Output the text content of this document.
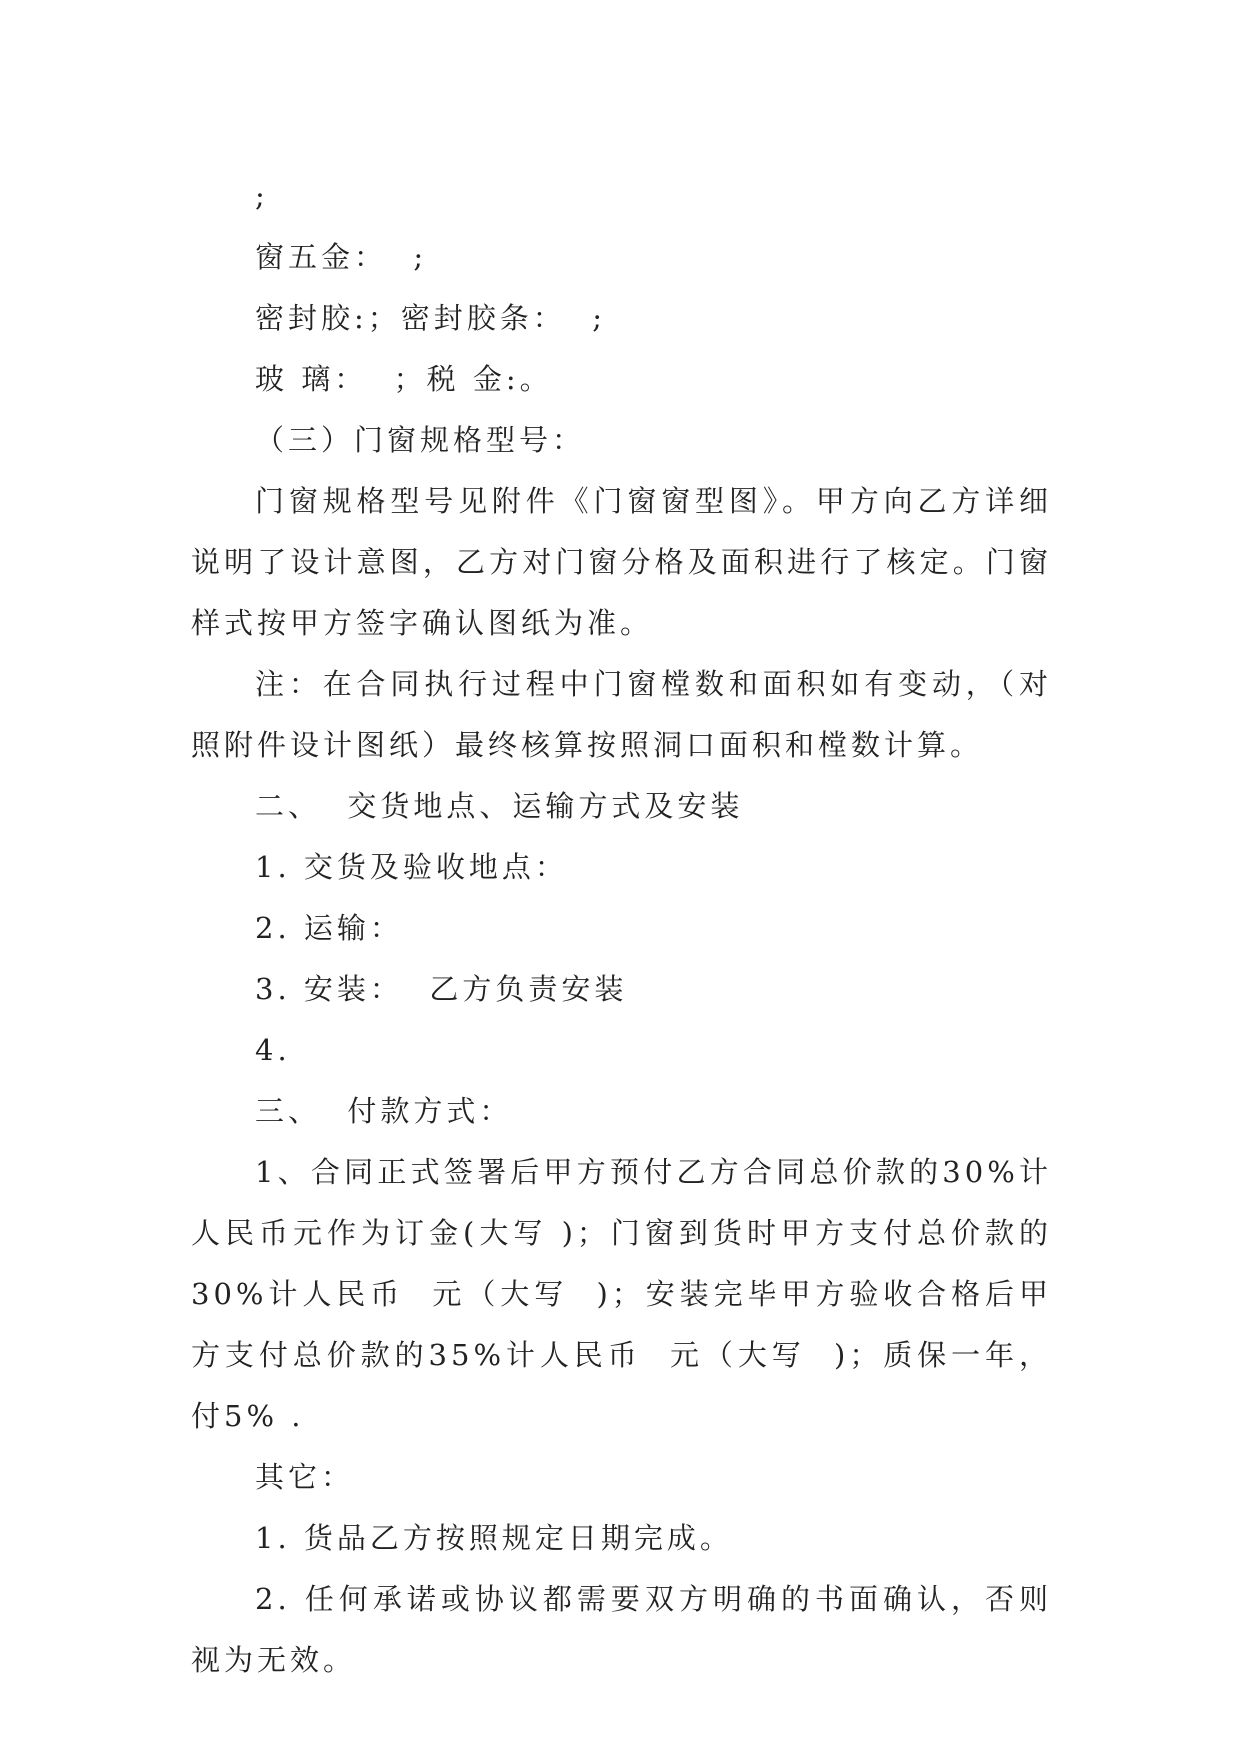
;

窗五金：  ;

密封胶:；密封胶条：  ;

玻 璃：  ；税 金:。

（三）门窗规格型号：

门窗规格型号见附件《门窗窗型图》。甲方向乙方详细说明了设计意图，乙方对门窗分格及面积进行了核定。门窗样式按甲方签字确认图纸为准。

注：在合同执行过程中门窗樘数和面积如有变动，（对照附件设计图纸）最终核算按照洞口面积和樘数计算。

二、  交货地点、运输方式及安装

1. 交货及验收地点：

2. 运输：

3. 安装：  乙方负责安装

4.

三、  付款方式：

1、合同正式签署后甲方预付乙方合同总价款的30%计人民币元作为订金(大写 )；门窗到货时甲方支付总价款的30%计人民币  元（大写  )；安装完毕甲方验收合格后甲方支付总价款的35%计人民币  元（大写  )；质保一年，付5% .

其它：

1. 货品乙方按照规定日期完成。

2. 任何承诺或协议都需要双方明确的书面确认，否则视为无效。
